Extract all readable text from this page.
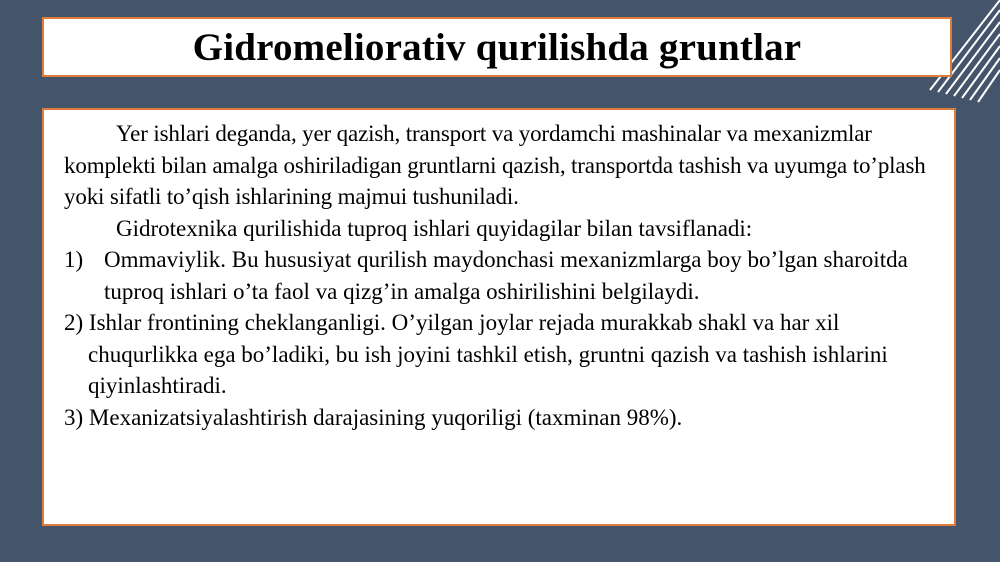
Gidromeliorativ qurilishda gruntlar

Yer ishlari deganda, yer qazish, transport va yordamchi mashinalar va mexanizmlar komplekti bilan amalga oshiriladigan gruntlarni qazish, transportda tashish va uyumga to’plash yoki sifatli to’qish ishlarining majmui tushuniladi.

Gidrotexnika qurilishida tuproq ishlari quyidagilar bilan tavsiflanadi:

1) Ommaviylik. Bu hususiyat qurilish maydonchasi mexanizmlarga boy bo’lgan sharoitda tuproq ishlari o’ta faol va qizg’in amalga oshirilishini belgilaydi.

2) Ishlar frontining cheklanganligi. O’yilgan joylar rejada murakkab shakl va har xil chuqurlikka ega bo’ladiki, bu ish joyini tashkil etish, gruntni qazish va tashish ishlarini qiyinlashtiradi.

3) Mexanizatsiyalashtirish darajasining yuqoriligi (taxminan 98%).
